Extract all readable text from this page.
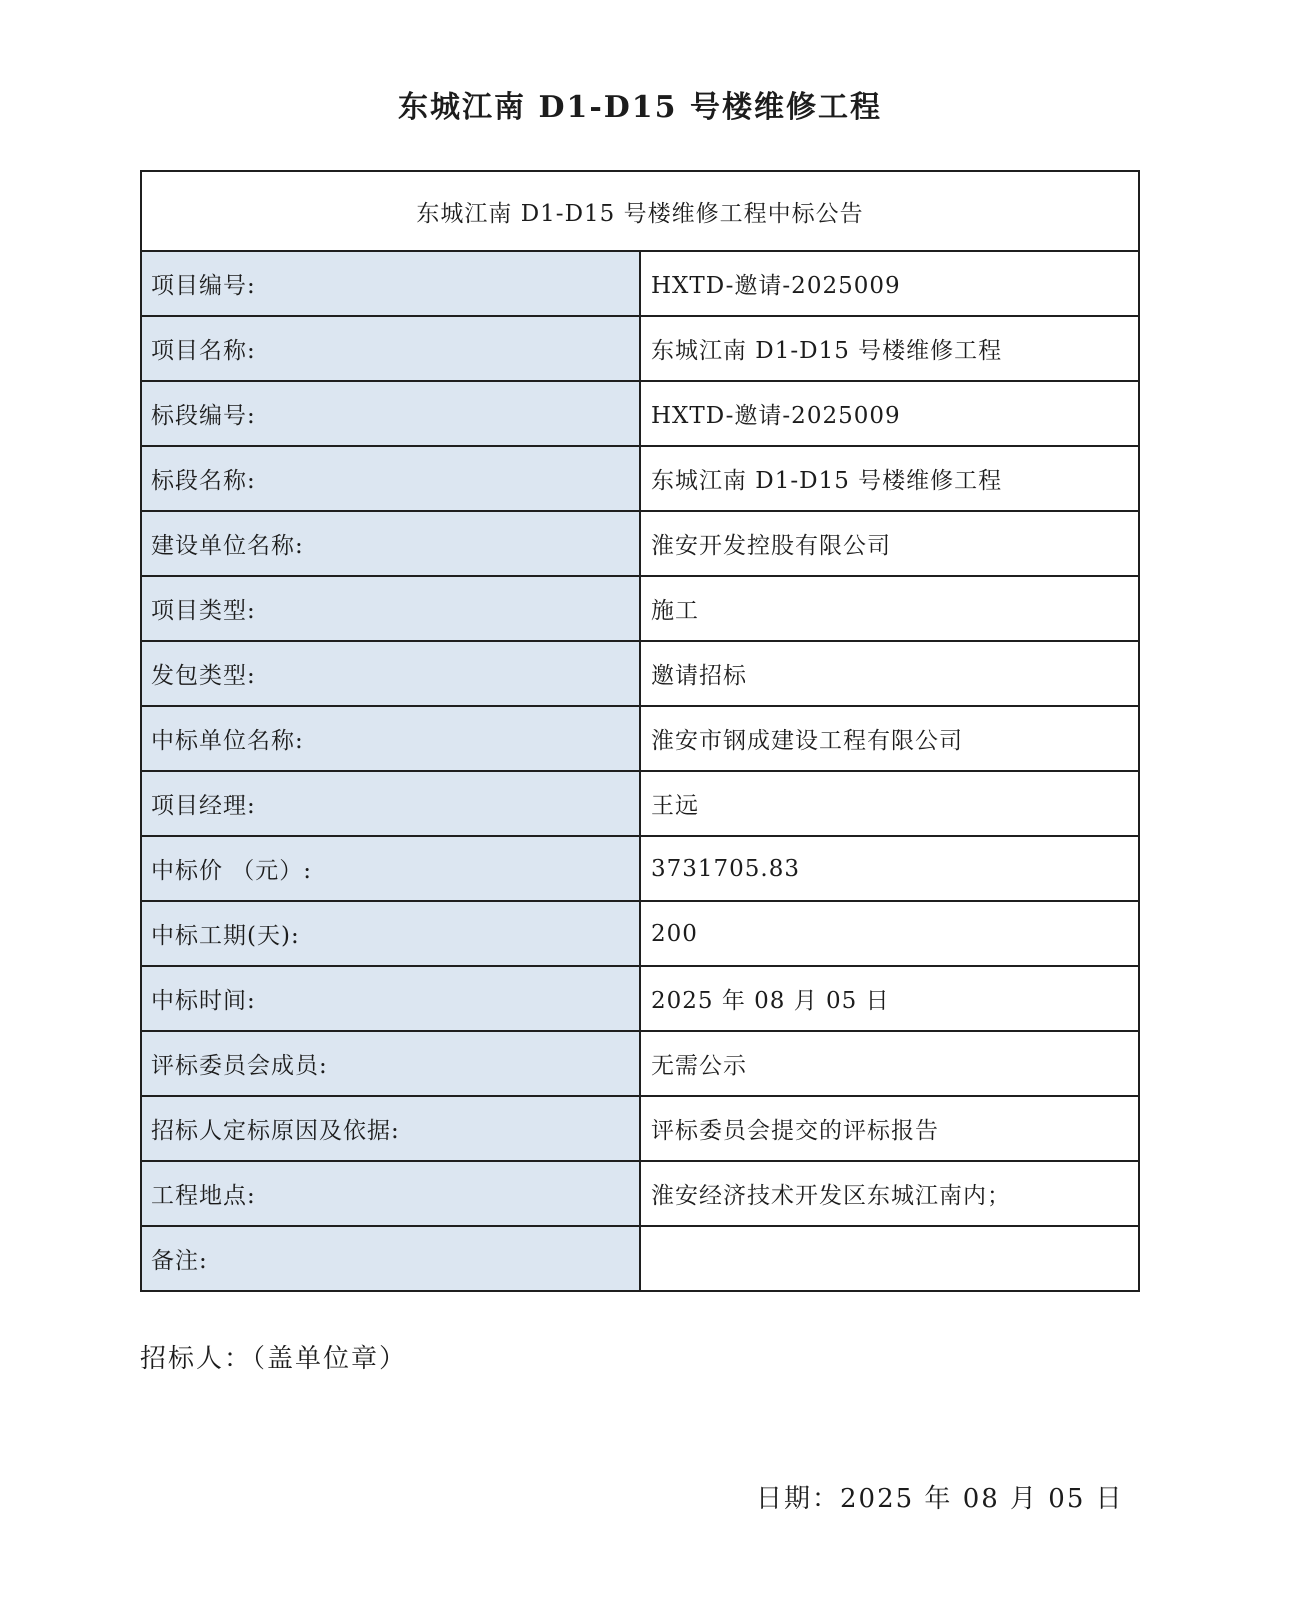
东城江南 D1-D15 号楼维修工程
东城江南 D1-D15 号楼维修工程中标公告	
项目编号:	HXTD-邀请-2025009
项目名称:	东城江南 D1-D15 号楼维修工程
标段编号:	HXTD-邀请-2025009
标段名称:	东城江南 D1-D15 号楼维修工程
建设单位名称:	淮安开发控股有限公司
项目类型:	施工
发包类型:	邀请招标
中标单位名称:	淮安市钢成建设工程有限公司
项目经理:	王远
中标价 （元）:	3731705.83
中标工期(天):	200
中标时间:	2025 年 08 月 05 日
评标委员会成员:	无需公示
招标人定标原因及依据:	评标委员会提交的评标报告
工程地点:	淮安经济技术开发区东城江南内；
备注:	
招标人：（盖单位章）
日期：2025 年 08 月 05 日
